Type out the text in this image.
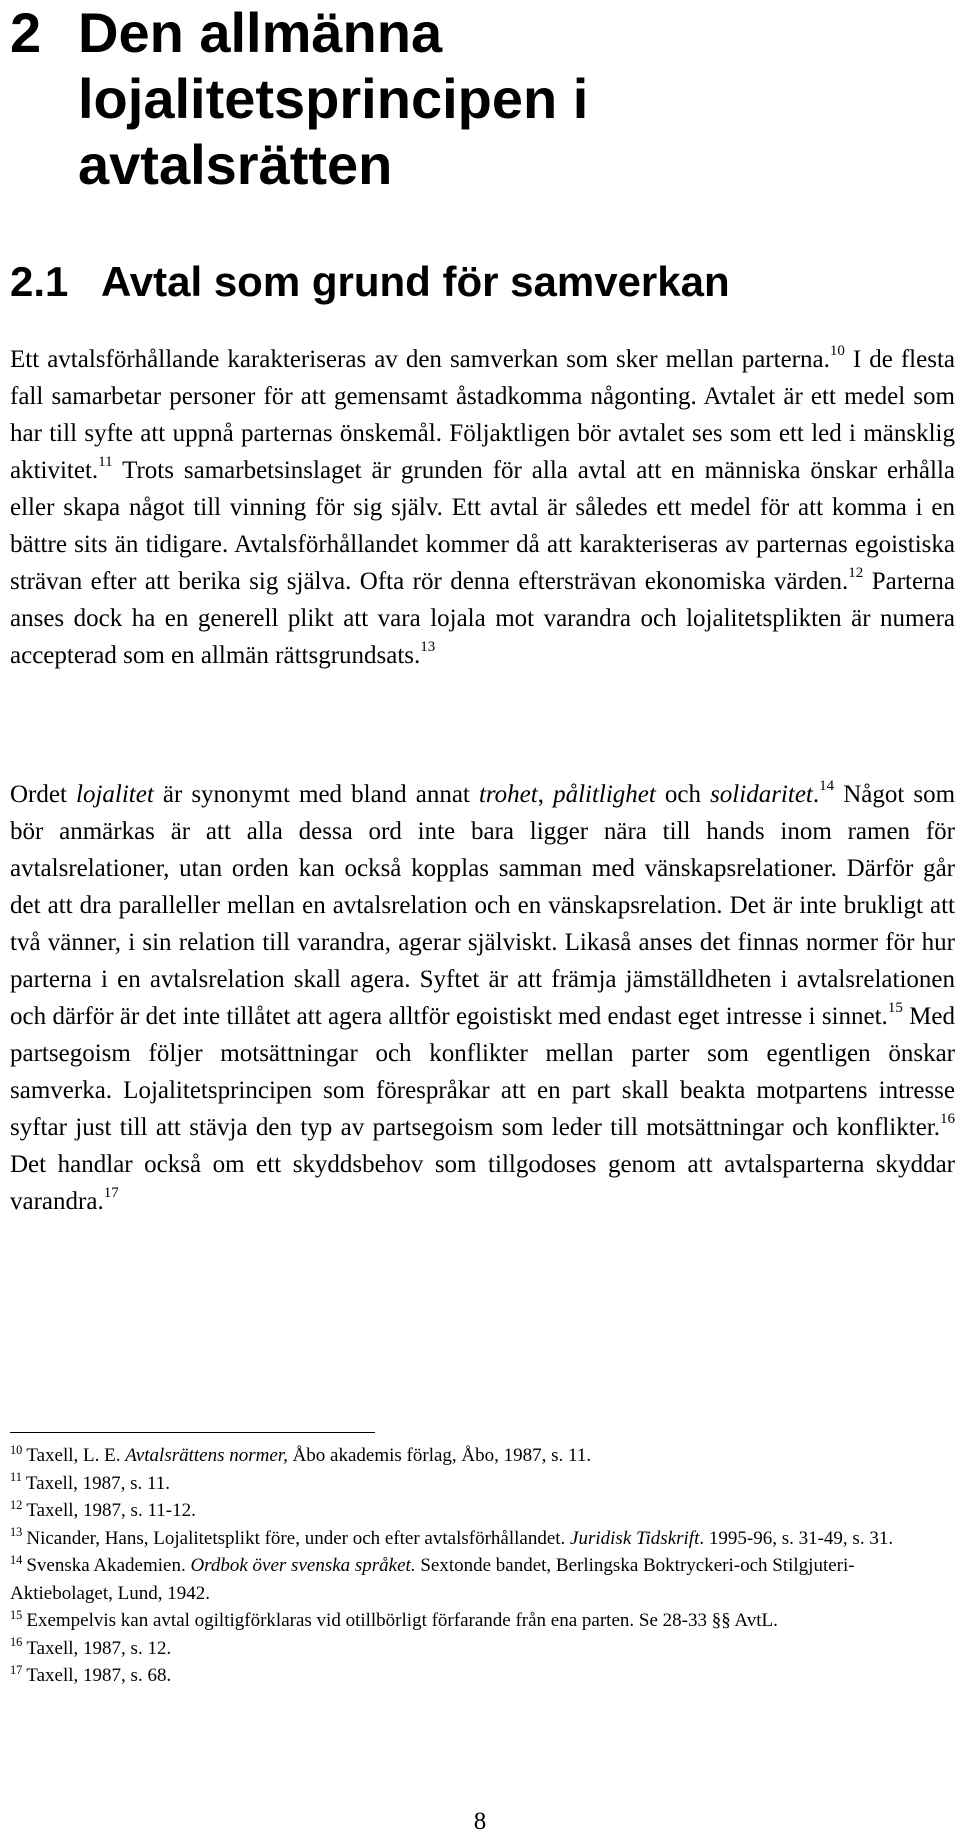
2 Den allmänna lojalitetsprincipen i avtalsrätten
2.1 Avtal som grund för samverkan

Ett avtalsförhållande karakteriseras av den samverkan som sker mellan parterna.$^{10}$ I de flesta fall samarbetar personer för att gemensamt åstadkomma någonting. Avtalet är ett medel som har till syfte att uppnå parternas önskemål. Följaktligen bör avtalet ses som ett led i mänsklig aktivitet.$^{11}$ Trots samarbetsinslaget är grunden för alla avtal att en människa önskar erhålla eller skapa något till vinning för sig själv. Ett avtal är således ett medel för att komma i en bättre sits än tidigare. Avtalsförhållandet kommer då att karakteriseras av parternas egoistiska strävan efter att berika sig själva. Ofta rör denna eftersträvan ekonomiska värden.$^{12}$ Parterna anses dock ha en generell plikt att vara lojala mot varandra och lojalitetsplikten är numera accepterad som en allmän rättsgrundsats.$^{13}$

Ordet lojalitet är synonymt med bland annat trohet, pålitlighet och solidaritet.$^{14}$ Något som bör anmärkas är att alla dessa ord inte bara ligger nära till hands inom ramen för avtalsrelationer, utan orden kan också kopplas samman med vänskapsrelationer. Därför går det att dra paralleller mellan en avtalsrelation och en vänskapsrelation. Det är inte brukligt att två vänner, i sin relation till varandra, agerar själviskt. Likaså anses det finnas normer för hur parterna i en avtalsrelation skall agera. Syftet är att främja jämställdheten i avtalsrelationen och därför är det inte tillåtet att agera alltför egoistiskt med endast eget intresse i sinnet.$^{15}$ Med partsegoism följer motsättningar och konflikter mellan parter som egentligen önskar samverka. Lojalitetsprincipen som förespråkar att en part skall beakta motpartens intresse syftar just till att stävja den typ av partsegoism som leder till motsättningar och konflikter.$^{16}$ Det handlar också om ett skyddsbehov som tillgodoses genom att avtalsparterna skyddar varandra.$^{17}$

$^{10}$ Taxell, L. E. Avtalsrättens normer, Åbo akademis förlag, Åbo, 1987, s. 11.

$^{11}$ Taxell, 1987, s. 11.

$^{12}$ Taxell, 1987, s. 11-12.

$^{13}$ Nicander, Hans, Lojalitetsplikt före, under och efter avtalsförhållandet. Juridisk Tidskrift. 1995-96, s. 31-49, s. 31.

$^{14}$ Svenska Akademien. Ordbok över svenska språket. Sextonde bandet, Berlingska Boktryckeri-och Stilgjuteri-Aktiebolaget, Lund, 1942.

$^{15}$ Exempelvis kan avtal ogiltigförklaras vid otillbörligt förfarande från ena parten. Se 28-33 §§ AvtL.

$^{16}$ Taxell, 1987, s. 12.

$^{17}$ Taxell, 1987, s. 68.

8
